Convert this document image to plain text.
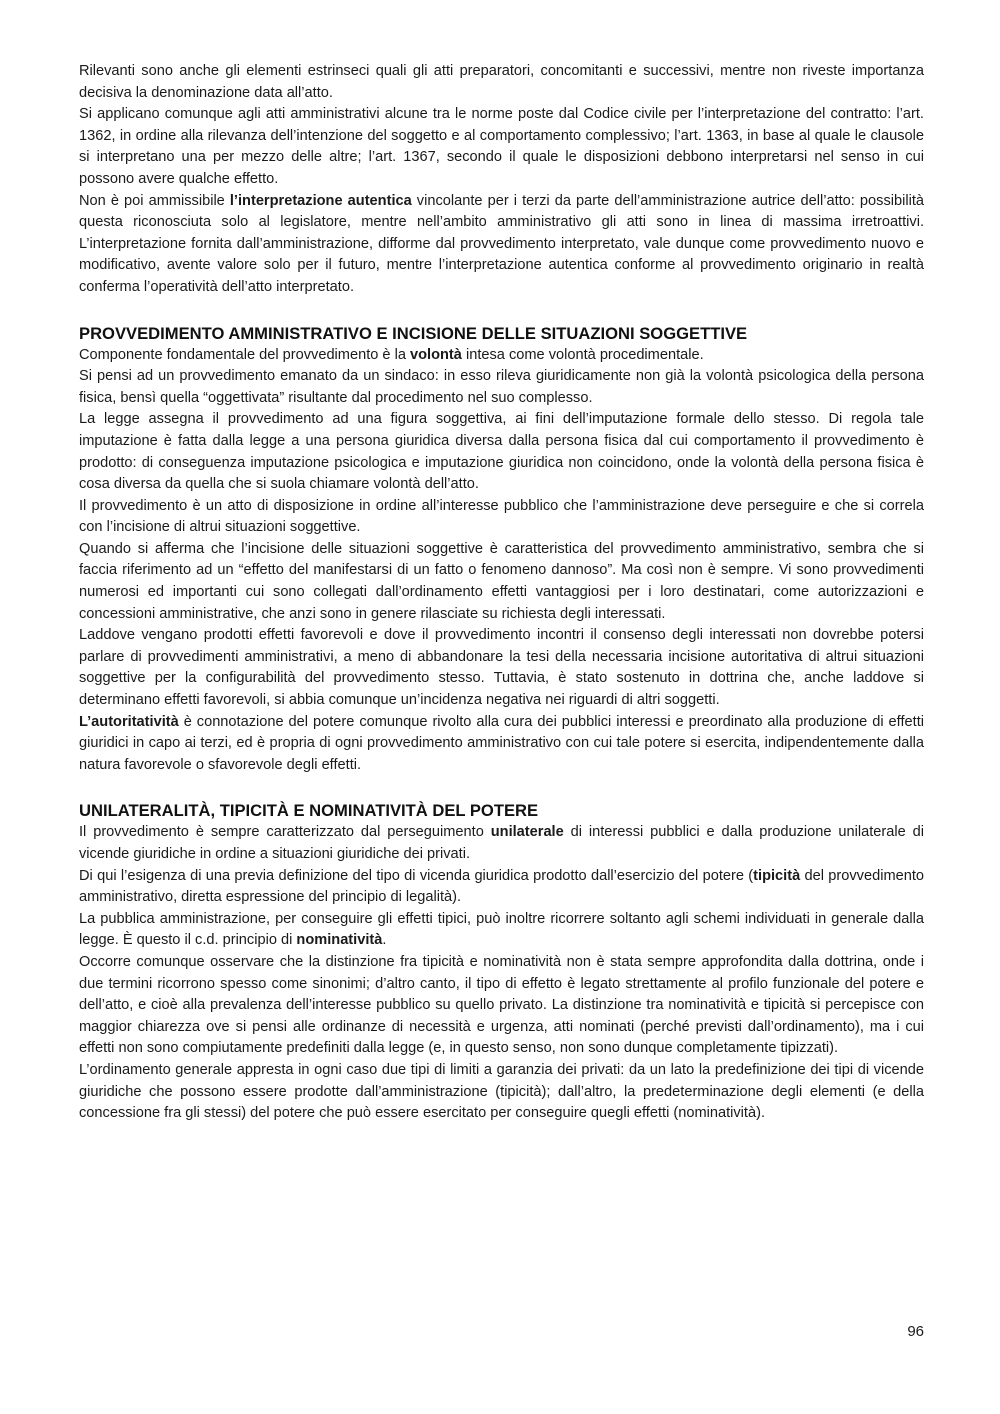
Rilevanti sono anche gli elementi estrinseci quali gli atti preparatori, concomitanti e successivi, mentre non riveste importanza decisiva la denominazione data all’atto.

Si applicano comunque agli atti amministrativi alcune tra le norme poste dal Codice civile per l’interpretazione del contratto: l’art. 1362, in ordine alla rilevanza dell’intenzione del soggetto e al comportamento complessivo; l’art. 1363, in base al quale le clausole si interpretano una per mezzo delle altre; l’art. 1367, secondo il quale le disposizioni debbono interpretarsi nel senso in cui possono avere qualche effetto.

Non è poi ammissibile l’interpretazione autentica vincolante per i terzi da parte dell’amministrazione autrice dell’atto: possibilità questa riconosciuta solo al legislatore, mentre nell’ambito amministrativo gli atti sono in linea di massima irretroattivi. L’interpretazione fornita dall’amministrazione, difforme dal provvedimento interpretato, vale dunque come provvedimento nuovo e modificativo, avente valore solo per il futuro, mentre l’interpretazione autentica conforme al provvedimento originario in realtà conferma l’operatività dell’atto interpretato.

PROVVEDIMENTO AMMINISTRATIVO E INCISIONE DELLE SITUAZIONI SOGGETTIVE

Componente fondamentale del provvedimento è la volontà intesa come volontà procedimentale.

Si pensi ad un provvedimento emanato da un sindaco: in esso rileva giuridicamente non già la volontà psicologica della persona fisica, bensì quella “oggettivata” risultante dal procedimento nel suo complesso.

La legge assegna il provvedimento ad una figura soggettiva, ai fini dell’imputazione formale dello stesso. Di regola tale imputazione è fatta dalla legge a una persona giuridica diversa dalla persona fisica dal cui comportamento il provvedimento è prodotto: di conseguenza imputazione psicologica e imputazione giuridica non coincidono, onde la volontà della persona fisica è cosa diversa da quella che si suola chiamare volontà dell’atto.

Il provvedimento è un atto di disposizione in ordine all’interesse pubblico che l’amministrazione deve perseguire e che si correla con l’incisione di altrui situazioni soggettive.

Quando si afferma che l’incisione delle situazioni soggettive è caratteristica del provvedimento amministrativo, sembra che si faccia riferimento ad un “effetto del manifestarsi di un fatto o fenomeno dannoso”. Ma così non è sempre. Vi sono provvedimenti numerosi ed importanti cui sono collegati dall’ordinamento effetti vantaggiosi per i loro destinatari, come autorizzazioni e concessioni amministrative, che anzi sono in genere rilasciate su richiesta degli interessati.

Laddove vengano prodotti effetti favorevoli e dove il provvedimento incontri il consenso degli interessati non dovrebbe potersi parlare di provvedimenti amministrativi, a meno di abbandonare la tesi della necessaria incisione autoritativa di altrui situazioni soggettive per la configurabilità del provvedimento stesso. Tuttavia, è stato sostenuto in dottrina che, anche laddove si determinano effetti favorevoli, si abbia comunque un’incidenza negativa nei riguardi di altri soggetti.

L’autoritatività è connotazione del potere comunque rivolto alla cura dei pubblici interessi e preordinato alla produzione di effetti giuridici in capo ai terzi, ed è propria di ogni provvedimento amministrativo con cui tale potere si esercita, indipendentemente dalla natura favorevole o sfavorevole degli effetti.

UNILATERALITÀ, TIPICITÀ E NOMINATIVITÀ DEL POTERE

Il provvedimento è sempre caratterizzato dal perseguimento unilaterale di interessi pubblici e dalla produzione unilaterale di vicende giuridiche in ordine a situazioni giuridiche dei privati.

Di qui l’esigenza di una previa definizione del tipo di vicenda giuridica prodotto dall’esercizio del potere (tipicità del provvedimento amministrativo, diretta espressione del principio di legalità).

La pubblica amministrazione, per conseguire gli effetti tipici, può inoltre ricorrere soltanto agli schemi individuati in generale dalla legge. È questo il c.d. principio di nominatività.

Occorre comunque osservare che la distinzione fra tipicità e nominatività non è stata sempre approfondita dalla dottrina, onde i due termini ricorrono spesso come sinonimi; d’altro canto, il tipo di effetto è legato strettamente al profilo funzionale del potere e dell’atto, e cioè alla prevalenza dell’interesse pubblico su quello privato. La distinzione tra nominatività e tipicità si percepisce con maggior chiarezza ove si pensi alle ordinanze di necessità e urgenza, atti nominati (perché previsti dall’ordinamento), ma i cui effetti non sono compiutamente predefiniti dalla legge (e, in questo senso, non sono dunque completamente tipizzati).

L’ordinamento generale appresta in ogni caso due tipi di limiti a garanzia dei privati: da un lato la predefinizione dei tipi di vicende giuridiche che possono essere prodotte dall’amministrazione (tipicità); dall’altro, la predeterminazione degli elementi (e della concessione fra gli stessi) del potere che può essere esercitato per conseguire quegli effetti (nominatività).

96
